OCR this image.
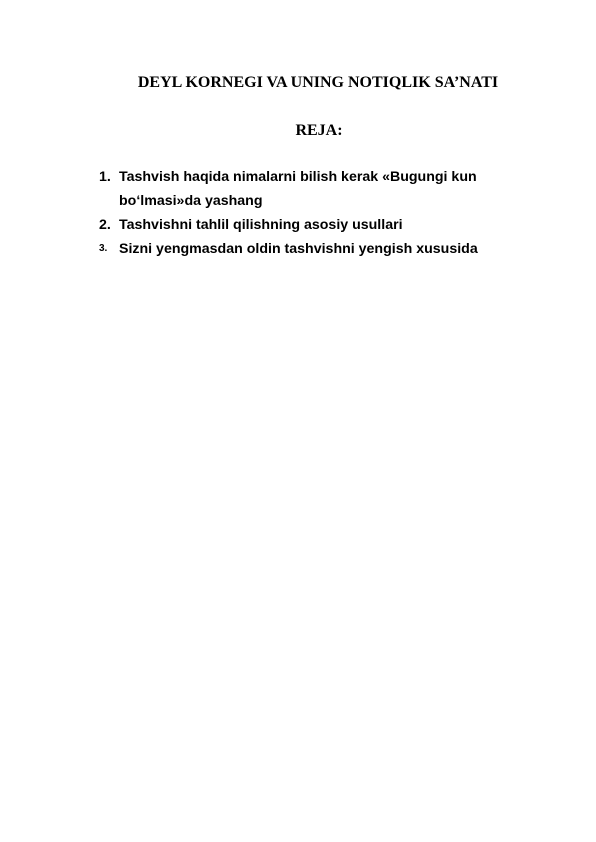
DEYL KORNEGI VA UNING NOTIQLIK SA’NATI
REJA:
1. Tashvish haqida nimalarni bilish kerak «Bugungi kun bo‘lmasi»da yashang
2. Tashvishni tahlil qilishning asosiy usullari
3. Sizni yengmasdan oldin tashvishni yengish xususida
